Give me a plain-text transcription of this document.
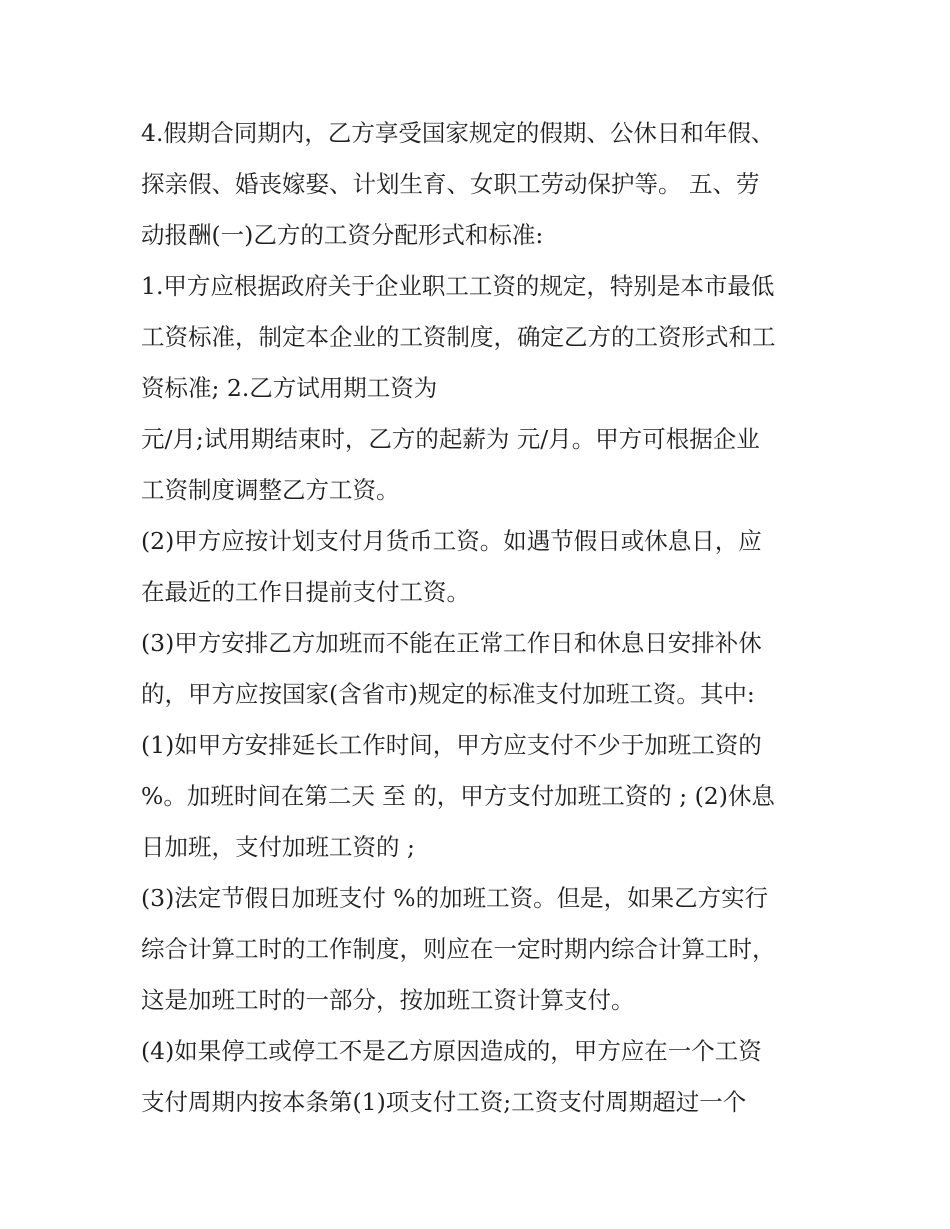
4.假期合同期内，乙方享受国家规定的假期、公休日和年假、
探亲假、婚丧嫁娶、计划生育、女职工劳动保护等。 五、劳
动报酬(一)乙方的工资分配形式和标准:
1.甲方应根据政府关于企业职工工资的规定，特别是本市最低
工资标准，制定本企业的工资制度，确定乙方的工资形式和工
资标准; 2.乙方试用期工资为
元/月;试用期结束时，乙方的起薪为 元/月。甲方可根据企业
工资制度调整乙方工资。
(2)甲方应按计划支付月货币工资。如遇节假日或休息日，应
在最近的工作日提前支付工资。
(3)甲方安排乙方加班而不能在正常工作日和休息日安排补休
的，甲方应按国家(含省市)规定的标准支付加班工资。其中:
(1)如甲方安排延长工作时间，甲方应支付不少于加班工资的
%。加班时间在第二天 至 的，甲方支付加班工资的 ; (2)休息
日加班，支付加班工资的 ;
(3)法定节假日加班支付 %的加班工资。但是，如果乙方实行
综合计算工时的工作制度，则应在一定时期内综合计算工时，
这是加班工时的一部分，按加班工资计算支付。
(4)如果停工或停工不是乙方原因造成的，甲方应在一个工资
支付周期内按本条第(1)项支付工资;工资支付周期超过一个
